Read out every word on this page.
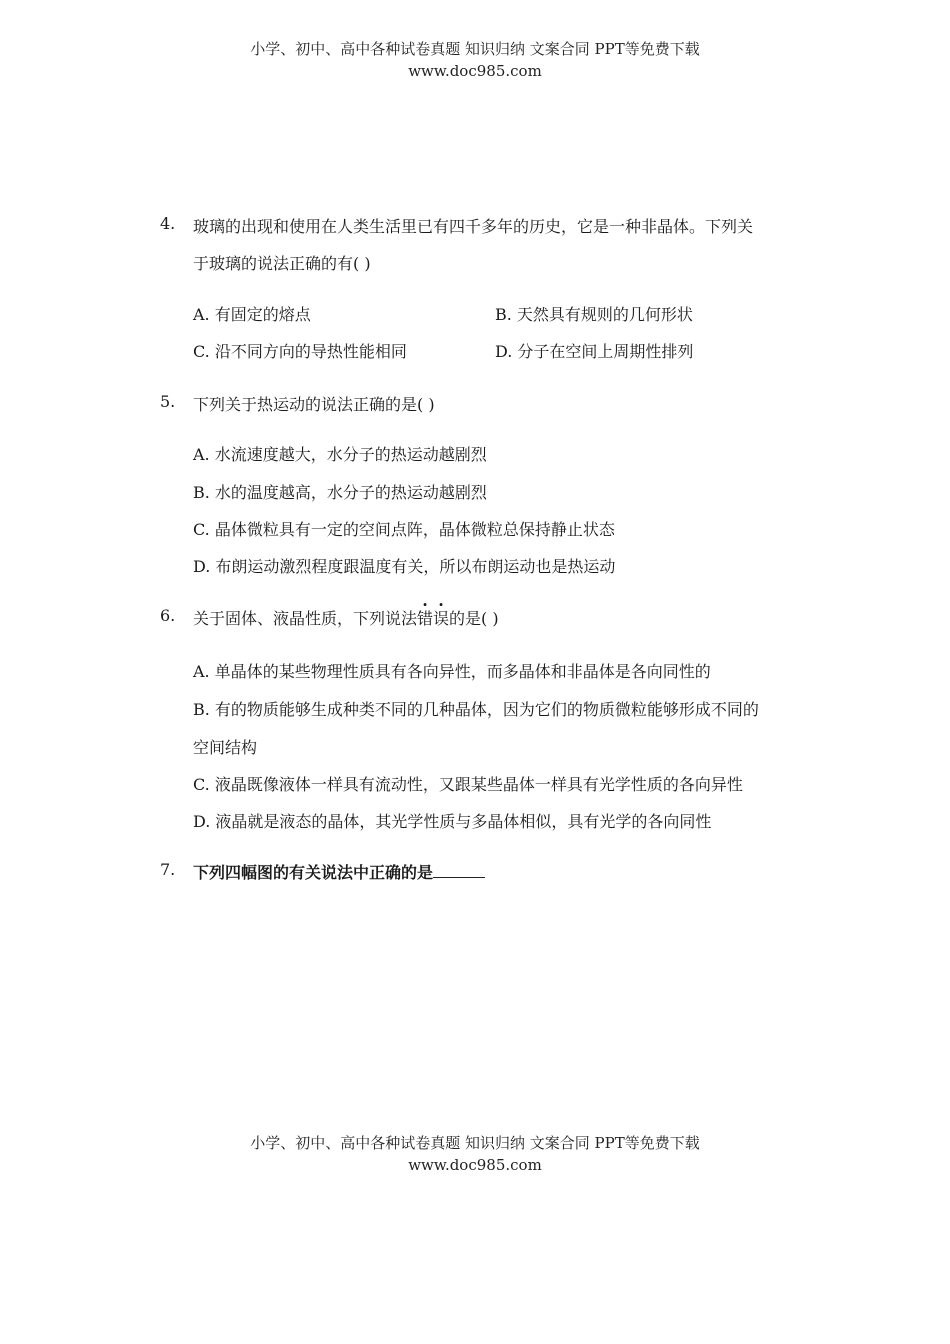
小学、初中、高中各种试卷真题 知识归纳 文案合同 PPT等免费下载
www.doc985.com
4. 玻璃的出现和使用在人类生活里已有四千多年的历史，它是一种非晶体。下列关
于玻璃的说法正确的有( )
A. 有固定的熔点	B. 天然具有规则的几何形状
C. 沿不同方向的导热性能相同	D. 分子在空间上周期性排列
5. 下列关于热运动的说法正确的是( )
A. 水流速度越大，水分子的热运动越剧烈
B. 水的温度越高，水分子的热运动越剧烈
C. 晶体微粒具有一定的空间点阵，晶体微粒总保持静止状态
D. 布朗运动激烈程度跟温度有关，所以布朗运动也是热运动
6. 关于固体、液晶性质，下列说法错误的是( )
A. 单晶体的某些物理性质具有各向异性，而多晶体和非晶体是各向同性的
B. 有的物质能够生成种类不同的几种晶体，因为它们的物质微粒能够形成不同的
空间结构
C. 液晶既像液体一样具有流动性，又跟某些晶体一样具有光学性质的各向异性
D. 液晶就是液态的晶体，其光学性质与多晶体相似，具有光学的各向同性
7. 下列四幅图的有关说法中正确的是
小学、初中、高中各种试卷真题 知识归纳 文案合同 PPT等免费下载
www.doc985.com
